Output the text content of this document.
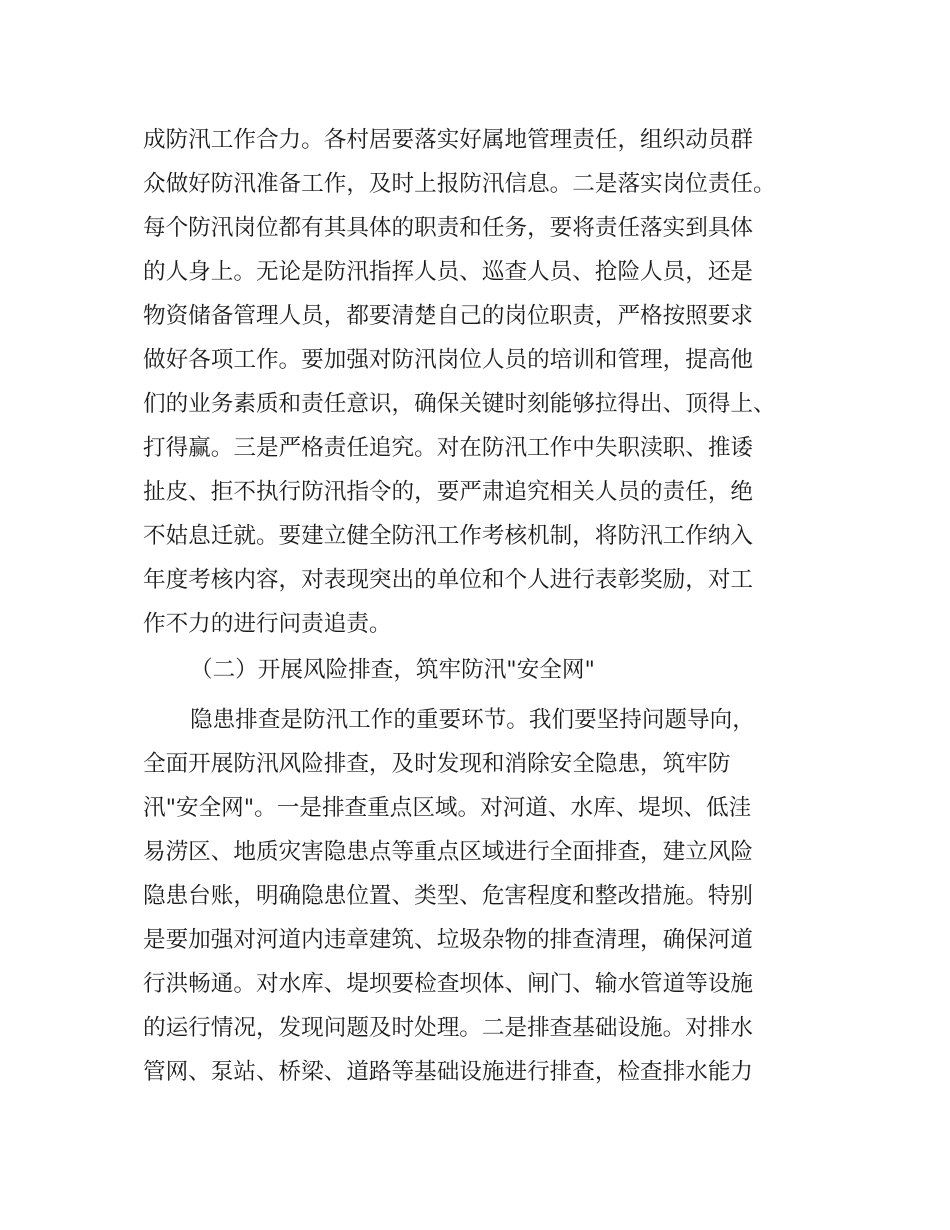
成防汛工作合力。各村居要落实好属地管理责任，组织动员群
众做好防汛准备工作，及时上报防汛信息。二是落实岗位责任。
每个防汛岗位都有其具体的职责和任务，要将责任落实到具体
的人身上。无论是防汛指挥人员、巡查人员、抢险人员，还是
物资储备管理人员，都要清楚自己的岗位职责，严格按照要求
做好各项工作。要加强对防汛岗位人员的培训和管理，提高他
们的业务素质和责任意识，确保关键时刻能够拉得出、顶得上、
打得赢。三是严格责任追究。对在防汛工作中失职渎职、推诿
扯皮、拒不执行防汛指令的，要严肃追究相关人员的责任，绝
不姑息迁就。要建立健全防汛工作考核机制，将防汛工作纳入
年度考核内容，对表现突出的单位和个人进行表彰奖励，对工
作不力的进行问责追责。
（二）开展风险排查，筑牢防汛"安全网"
隐患排查是防汛工作的重要环节。我们要坚持问题导向，
全面开展防汛风险排查，及时发现和消除安全隐患，筑牢防
汛"安全网"。一是排查重点区域。对河道、水库、堤坝、低洼
易涝区、地质灾害隐患点等重点区域进行全面排查，建立风险
隐患台账，明确隐患位置、类型、危害程度和整改措施。特别
是要加强对河道内违章建筑、垃圾杂物的排查清理，确保河道
行洪畅通。对水库、堤坝要检查坝体、闸门、输水管道等设施
的运行情况，发现问题及时处理。二是排查基础设施。对排水
管网、泵站、桥梁、道路等基础设施进行排查，检查排水能力
